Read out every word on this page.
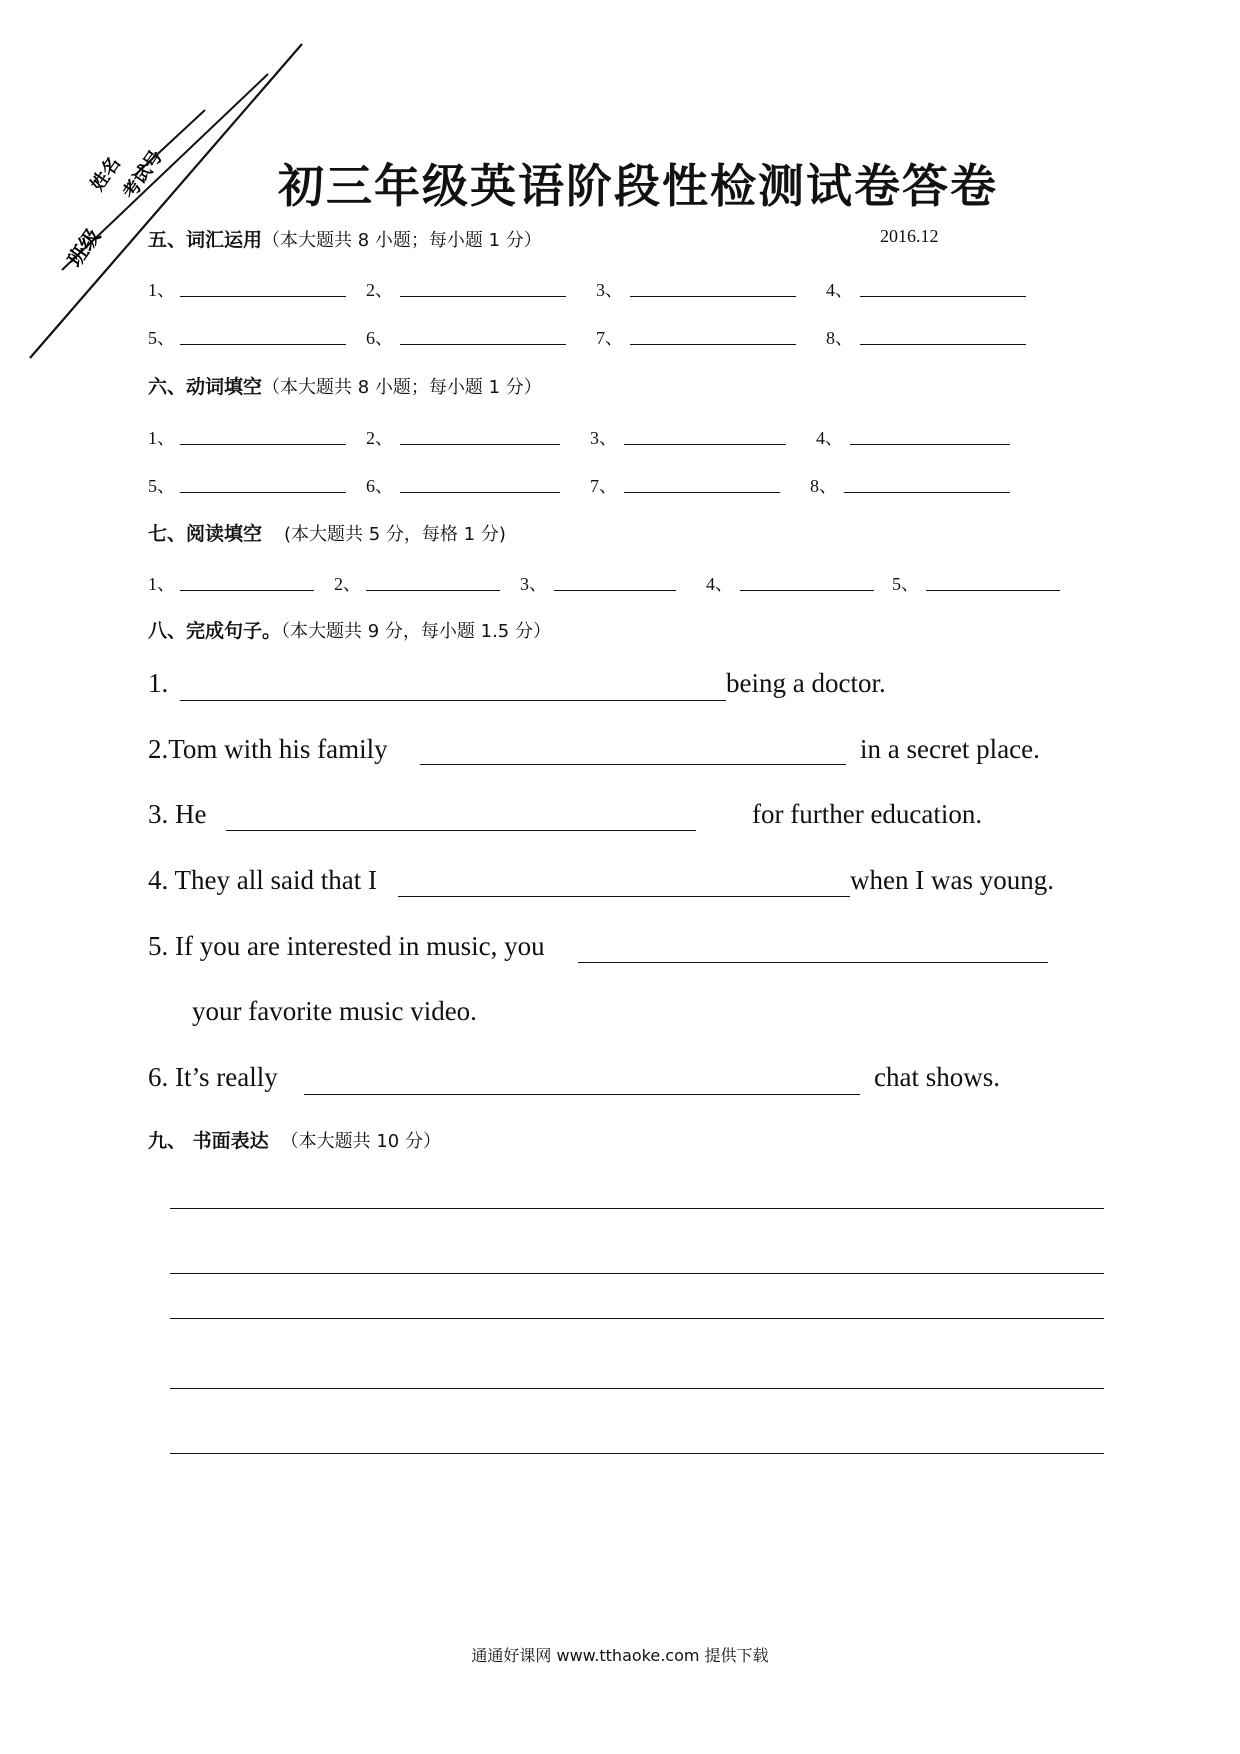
班级
姓名
考试号 初三年级英语阶段性检测试卷答卷
五、词汇运用（本大题共 8 小题；每小题 1 分）	2016.12
1、	2、	3、	4、
5、	6、	7、	8、
六、动词填空（本大题共 8 小题；每小题 1 分）
1、	2、	3、	4、
5、	6、	7、	8、
七、阅读填空 (本大题共 5 分，每格 1 分)
1、	2、	3、	4、	5、
八、完成句子。（本大题共 9 分，每小题 1.5 分）
1.	being a doctor.
2.Tom with his family	in a secret place.
3. He	for further education.
4. They all said that I	when I was young.
5. If you are interested in music, you
your favorite music video.
6. It’s really	chat shows.
九、 书面表达 （本大题共 10 分）
通通好课网 www.tthaoke.com 提供下载
